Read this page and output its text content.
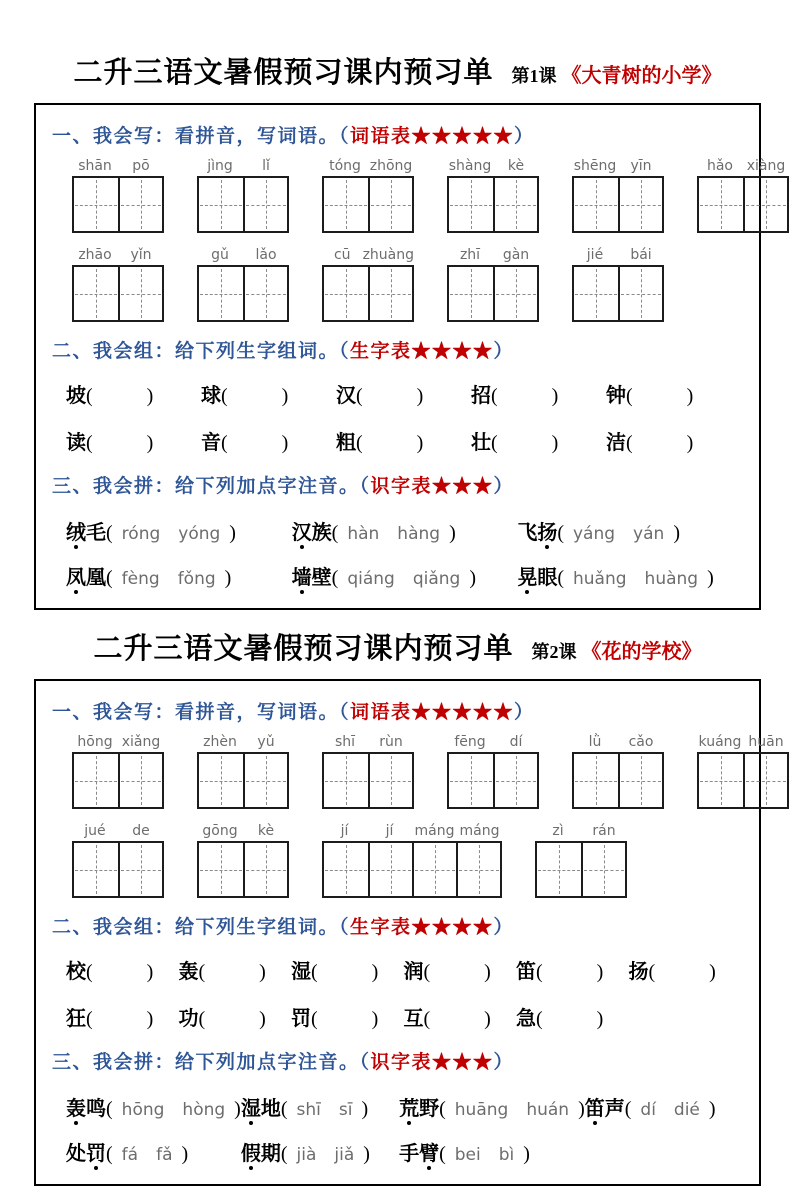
二升三语文暑假预习课内预习单 第1课 《大青树的小学》
一、我会写：看拼音，写词语。（词语表★★★★★）
shān	pō	jìng	lǐ	tóng zhōng	shàng	kè	shēng	yīn	hǎo xiàng
zhāo	yǐn	gǔ	lǎo	cū zhuàng	zhī	gàn	jié	bái
二、我会组：给下列生字组词。（生字表★★★★）
坡(	)	球(	)	汉(	)	招(	)	钟(	)
读(	)	音(	)	粗(	)	壮(	)	洁(	)
三、我会拼：给下列加点字注音。（识字表★★★）
绒毛( róng yóng )	汉族( hàn hàng )	飞扬( yáng yán )
凤凰( fèng fǒng )	墙壁( qiáng qiǎng )	晃眼( huǎng huàng )
二升三语文暑假预习课内预习单 第2课 《花的学校》
一、我会写：看拼音，写词语。（词语表★★★★★）
hōng xiǎng	zhèn	yǔ	shī	rùn	fēng	dí	lǜ	cǎo	kuáng huān
jué	de	gōng	kè	jí	jí	máng máng	zì	rán
二、我会组：给下列生字组词。（生字表★★★★）
校(	)	轰(	)	湿(	)	润(	)	笛(	)	扬(	)
狂(	)	功(	)	罚(	)	互(	)	急(	)
三、我会拼：给下列加点字注音。（识字表★★★）
轰鸣( hōng hòng ) 湿地( shī sī )	荒野( huāng huán ) 笛声( dí dié )
处罚( fá fǎ )	假期( jià jiǎ )	手臂( bei bì )
